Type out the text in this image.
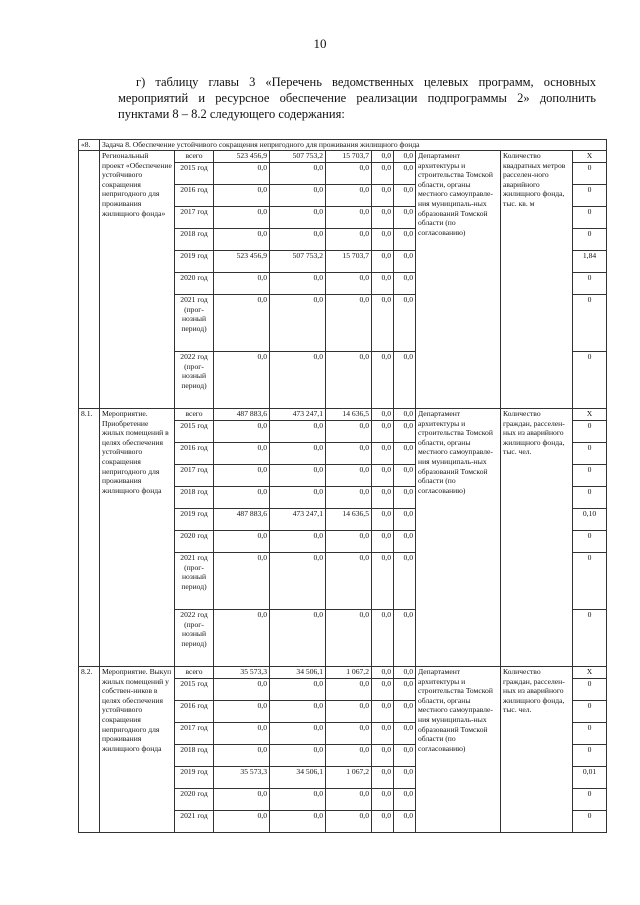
10
г) таблицу главы 3 «Перечень ведомственных целевых программ, основных мероприятий и ресурсное обеспечение реализации подпрограммы 2» дополнить пунктами 8 – 8.2 следующего содержания:
«8.	Задача 8. Обеспечение устойчивого сокращения непригодного для проживания жилищного фонда									
	Региональный проект «Обеспечение устойчивого сокращения непригодного для проживания жилищного фонда»	всего	523 456,9	507 753,2	15 703,7	0,0	0,0	Департамент архитектуры и строительства Томской области, органы местного самоуправле-ния муниципаль-ных образований Томской области (по согласованию)	Количество квадратных метров расселен-ного аварийного жилищного фонда, тыс. кв. м	Х
		2015 год	0,0	0,0	0,0	0,0	0,0			0
		2016 год	0,0	0,0	0,0	0,0	0,0			0
		2017 год	0,0	0,0	0,0	0,0	0,0			0
		2018 год	0,0	0,0	0,0	0,0	0,0			0
		2019 год	523 456,9	507 753,2	15 703,7	0,0	0,0			1,84
		2020 год	0,0	0,0	0,0	0,0	0,0			0
		2021 год (прог-нозный период)	0,0	0,0	0,0	0,0	0,0			0
		2022 год (прог-нозный период)	0,0	0,0	0,0	0,0	0,0			0
8.1.	Мероприятие. Приобретение жилых помещений в целях обеспечения устойчивого сокращения непригодного для проживания жилищного фонда	всего	487 883,6	473 247,1	14 636,5	0,0	0,0	Департамент архитектуры и строительства Томской области, органы местного самоуправле-ния муниципаль-ных образований Томской области (по согласованию)	Количество граждан, расселен-ных из аварийного жилищного фонда, тыс. чел.	Х
		2015 год	0,0	0,0	0,0	0,0	0,0			0
		2016 год	0,0	0,0	0,0	0,0	0,0			0
		2017 год	0,0	0,0	0,0	0,0	0,0			0
		2018 год	0,0	0,0	0,0	0,0	0,0			0
		2019 год	487 883,6	473 247,1	14 636,5	0,0	0,0			0,10
		2020 год	0,0	0,0	0,0	0,0	0,0			0
		2021 год (прог-нозный период)	0,0	0,0	0,0	0,0	0,0			0
		2022 год (прог-нозный период)	0,0	0,0	0,0	0,0	0,0			0
8.2.	Мероприятие. Выкуп жилых помещений у собствен-ников в целях обеспечения устойчивого сокращения непригодного для проживания жилищного фонда	всего	35 573,3	34 506,1	1 067,2	0,0	0,0	Департамент архитектуры и строительства Томской области, органы местного самоуправле-ния муниципаль-ных образований Томской области (по согласованию)	Количество граждан, расселен-ных из аварийного жилищного фонда, тыс. чел.	Х
		2015 год	0,0	0,0	0,0	0,0	0,0			0
		2016 год	0,0	0,0	0,0	0,0	0,0			0
		2017 год	0,0	0,0	0,0	0,0	0,0			0
		2018 год	0,0	0,0	0,0	0,0	0,0			0
		2019 год	35 573,3	34 506,1	1 067,2	0,0	0,0			0,01
		2020 год	0,0	0,0	0,0	0,0	0,0			0
		2021 год	0,0	0,0	0,0	0,0	0,0			0
